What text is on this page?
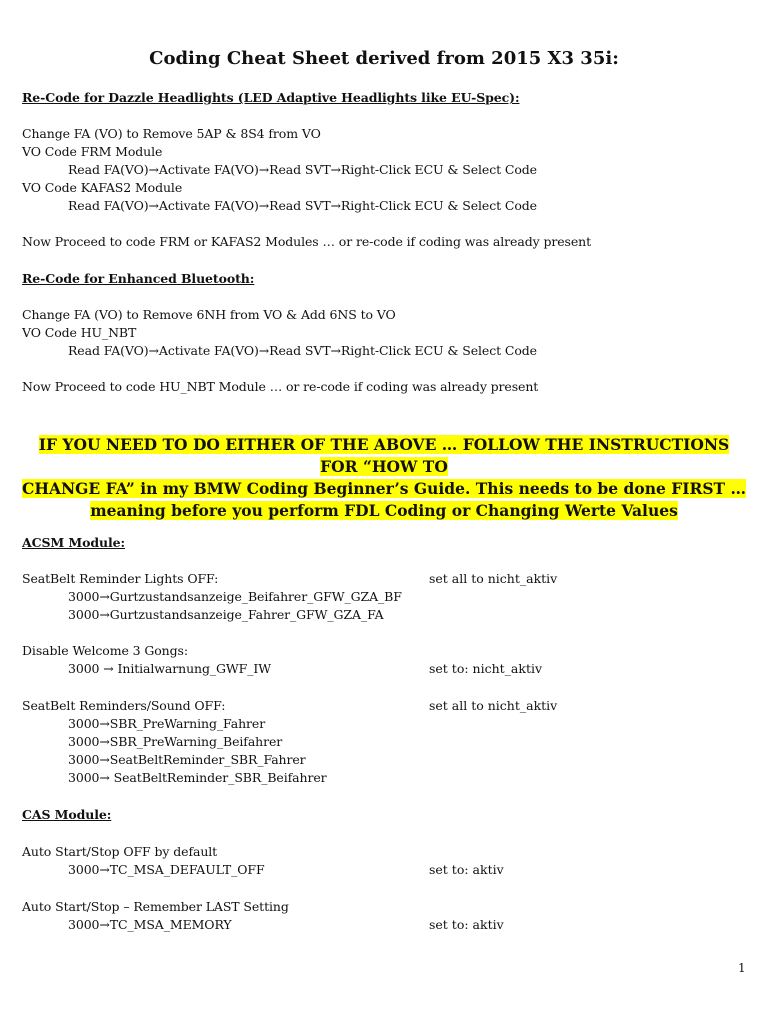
Coding Cheat Sheet derived from 2015 X3 35i:
Re-Code for Dazzle Headlights (LED Adaptive Headlights like EU-Spec):
Change FA (VO) to Remove 5AP & 8S4 from VO
VO Code FRM Module
Read FA(VO)→Activate FA(VO)→Read SVT→Right-Click ECU & Select Code
VO Code KAFAS2 Module
Read FA(VO)→Activate FA(VO)→Read SVT→Right-Click ECU & Select Code
Now Proceed to code FRM or KAFAS2 Modules … or re-code if coding was already present
Re-Code for Enhanced Bluetooth:
Change FA (VO) to Remove 6NH from VO & Add 6NS to VO
VO Code HU_NBT
Read FA(VO)→Activate FA(VO)→Read SVT→Right-Click ECU & Select Code
Now Proceed to code HU_NBT Module … or re-code if coding was already present
IF YOU NEED TO DO EITHER OF THE ABOVE … FOLLOW THE INSTRUCTIONS FOR “HOW TO
CHANGE FA” in my BMW Coding Beginner’s Guide. This needs to be done FIRST …
meaning before you perform FDL Coding or Changing Werte Values
ACSM Module:
SeatBelt Reminder Lights OFF:	set all to nicht_aktiv
3000→Gurtzustandsanzeige_Beifahrer_GFW_GZA_BF
3000→Gurtzustandsanzeige_Fahrer_GFW_GZA_FA
Disable Welcome 3 Gongs:
3000 → Initialwarnung_GWF_IW	set to: nicht_aktiv
SeatBelt Reminders/Sound OFF:	set all to nicht_aktiv
3000→SBR_PreWarning_Fahrer
3000→SBR_PreWarning_Beifahrer
3000→SeatBeltReminder_SBR_Fahrer
3000→ SeatBeltReminder_SBR_Beifahrer
CAS Module:
Auto Start/Stop OFF by default
3000→TC_MSA_DEFAULT_OFF	set to: aktiv
Auto Start/Stop – Remember LAST Setting
3000→TC_MSA_MEMORY	set to: aktiv
1
